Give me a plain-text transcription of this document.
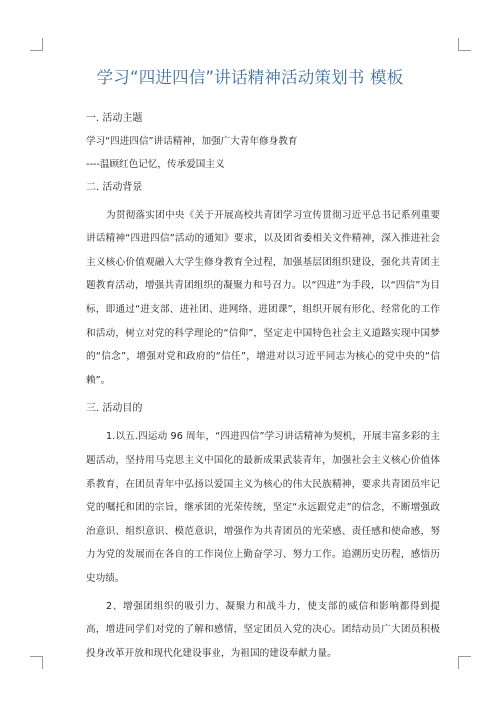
学习“四进四信”讲话精神活动策划书 模板
一. 活动主题
学习“四进四信”讲话精神，加强广大青年修身教育
----温顾红色记忆，传承爱国主义
二. 活动背景
为贯彻落实团中央《关于开展高校共青团学习宣传贯彻习近平总书记系列重要讲话精神“四进四信”活动的通知》要求，以及团省委相关文件精神，深入推进社会主义核心价值观融入大学生修身教育全过程，加强基层团组织建设，强化共青团主题教育活动，增强共青团组织的凝聚力和号召力。以“四进”为手段，以“四信”为目标，即通过“进支部、进社团、进网络、进团课”，组织开展有形化、经常化的工作和活动，树立对党的科学理论的“信仰”，坚定走中国特色社会主义道路实现中国梦的“信念”，增强对党和政府的“信任”，增进对以习近平同志为核心的党中央的“信赖”。
三. 活动目的
1.以五.四运动 96 周年，“四进四信”学习讲话精神为契机，开展丰富多彩的主题活动，坚持用马克思主义中国化的最新成果武装青年，加强社会主义核心价值体系教育，在团员青年中弘扬以爱国主义为核心的伟大民族精神，要求共青团员牢记党的嘱托和团的宗旨，继承团的光荣传统，坚定“永远跟党走”的信念，不断增强政治意识、组织意识、模范意识，增强作为共青团员的光荣感、责任感和使命感，努力为党的发展而在各自的工作岗位上勤奋学习、努力工作。追溯历史历程，感悟历史功绩。
2、增强团组织的吸引力、凝聚力和战斗力，使支部的威信和影响都得到提高，增进同学们对党的了解和感情，坚定团员入党的决心。团结动员广大团员积极投身改革开放和现代化建设事业，为祖国的建设奉献力量。
